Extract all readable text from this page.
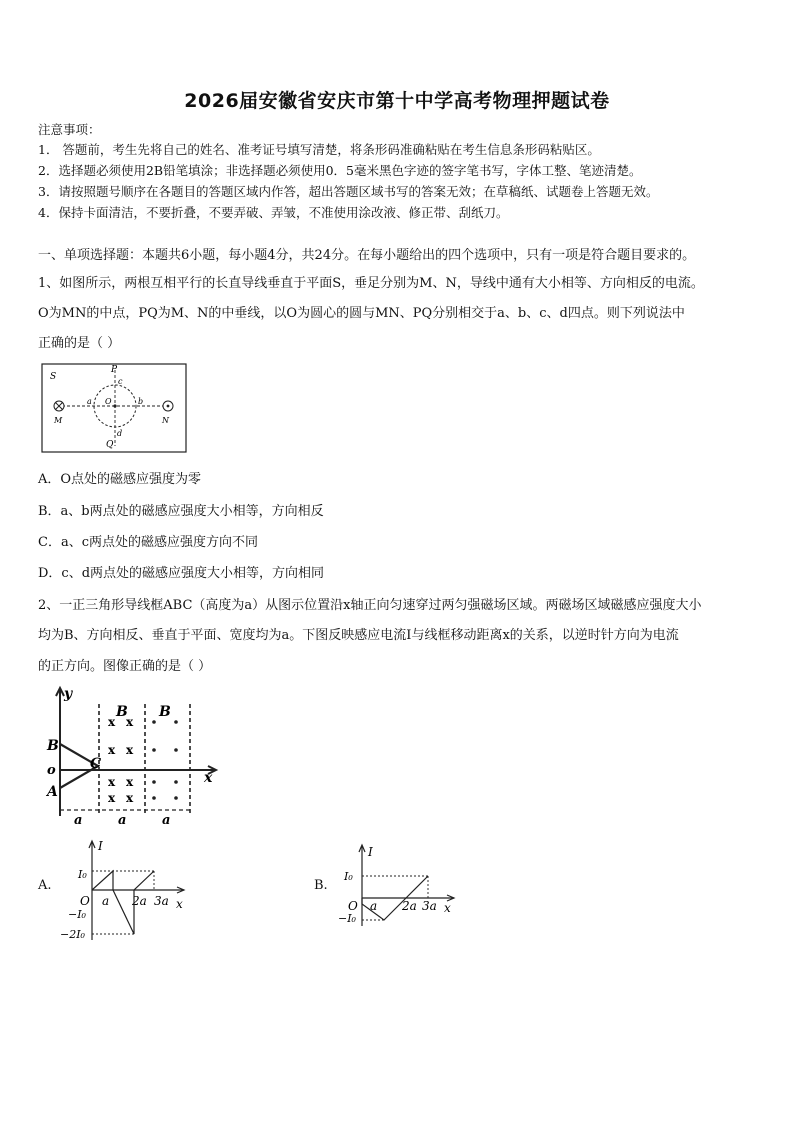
2026届安徽省安庆市第十中学高考物理押题试卷
注意事项：
1． 答题前，考生先将自己的姓名、准考证号填写清楚，将条形码准确粘贴在考生信息条形码粘贴区。
2．选择题必须使用2B铅笔填涂；非选择题必须使用0．5毫米黑色字迹的签字笔书写，字体工整、笔迹清楚。
3．请按照题号顺序在各题目的答题区域内作答，超出答题区域书写的答案无效；在草稿纸、试题卷上答题无效。
4．保持卡面清洁，不要折叠，不要弄破、弄皱，不准使用涂改液、修正带、刮纸刀。
一、单项选择题：本题共6小题，每小题4分，共24分。在每小题给出的四个选项中，只有一项是符合题目要求的。
1、如图所示，两根互相平行的长直导线垂直于平面S，垂足分别为M、N，导线中通有大小相等、方向相反的电流。
O为MN的中点，PQ为M、N的中垂线，以O为圆心的圆与MN、PQ分别相交于a、b、c、d四点。则下列说法中
正确的是（ ）
S
P
c
a O	b
M	N
d
Q
A．O点处的磁感应强度为零
B．a、b两点处的磁感应强度大小相等，方向相反
C．a、c两点处的磁感应强度方向不同
D．c、d两点处的磁感应强度大小相等，方向相同
2、一正三角形导线框ABC（高度为a）从图示位置沿x轴正向匀速穿过两匀强磁场区域。两磁场区域磁感应强度大小
均为B、方向相反、垂直于平面、宽度均为a。下图反映感应电流I与线框移动距离x的关系，以逆时针方向为电流
的正方向。图像正确的是（ ）
y
x
B
o
A
C
x x
x x
x x
x x
B B
a	a	a
A.
I
x
I₀
O a 2a 3a
−I₀
−2I₀
B.
I
x
I₀
O a 2a 3a
−I₀
